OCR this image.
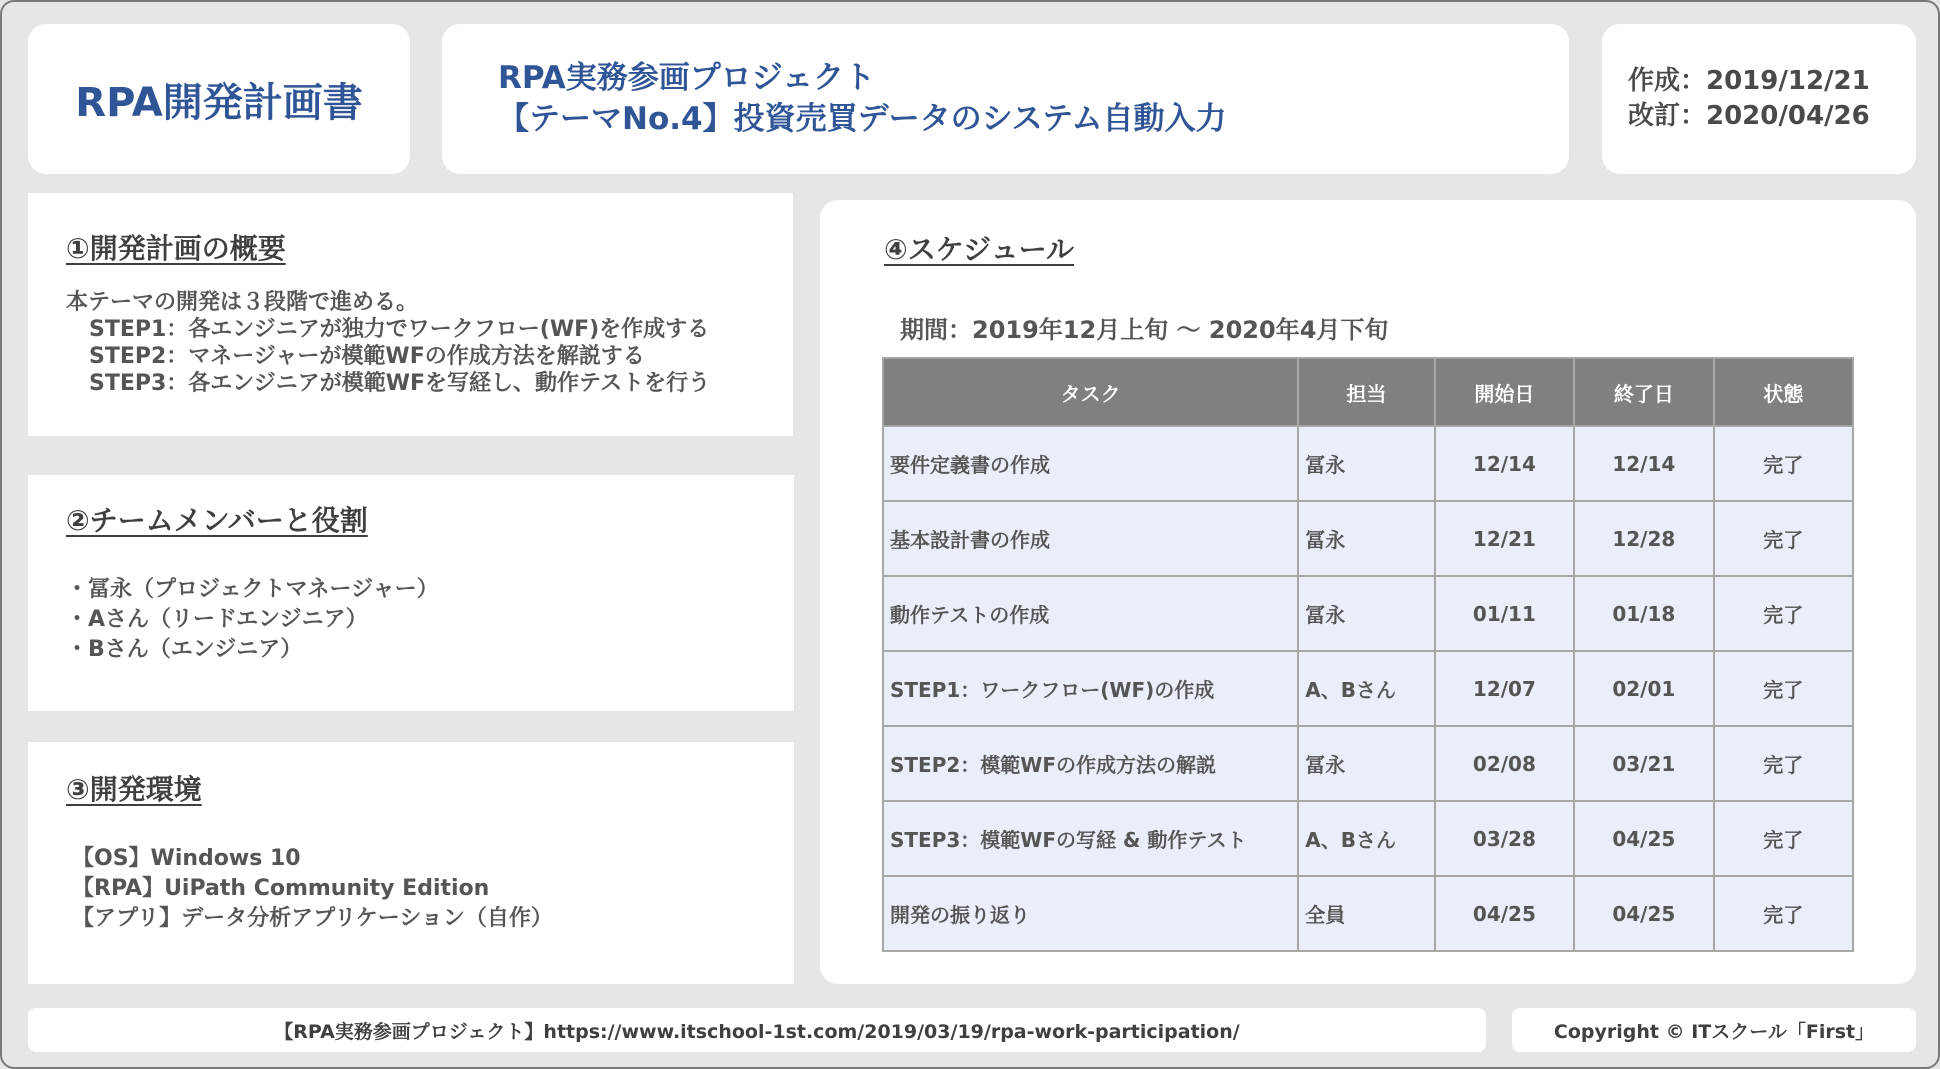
RPA開発計画書
RPA実務参画プロジェクト
【テーマNo.4】投資売買データのシステム自動入力
作成：2019/12/21
改訂：2020/04/26
①開発計画の概要
本テーマの開発は３段階で進める。
STEP1：各エンジニアが独力でワークフロー(WF)を作成する
STEP2：マネージャーが模範WFの作成方法を解説する
STEP3：各エンジニアが模範WFを写経し、動作テストを行う
②チームメンバーと役割
・冨永（プロジェクトマネージャー）
・Aさん（リードエンジニア）
・Bさん（エンジニア）
③開発環境
【OS】Windows 10
【RPA】UiPath Community Edition
【アプリ】データ分析アプリケーション（自作）
④スケジュール
期間：2019年12月上旬 〜 2020年4月下旬
タスク	担当	開始日	終了日	状態
要件定義書の作成	冨永	12/14	12/14	完了
基本設計書の作成	冨永	12/21	12/28	完了
動作テストの作成	冨永	01/11	01/18	完了
STEP1：ワークフロー(WF)の作成	A、Bさん	12/07	02/01	完了
STEP2：模範WFの作成方法の解説	冨永	02/08	03/21	完了
STEP3：模範WFの写経 & 動作テスト	A、Bさん	03/28	04/25	完了
開発の振り返り	全員	04/25	04/25	完了
【RPA実務参画プロジェクト】https://www.itschool-1st.com/2019/03/19/rpa-work-participation/	Copyright © ITスクール「First」
